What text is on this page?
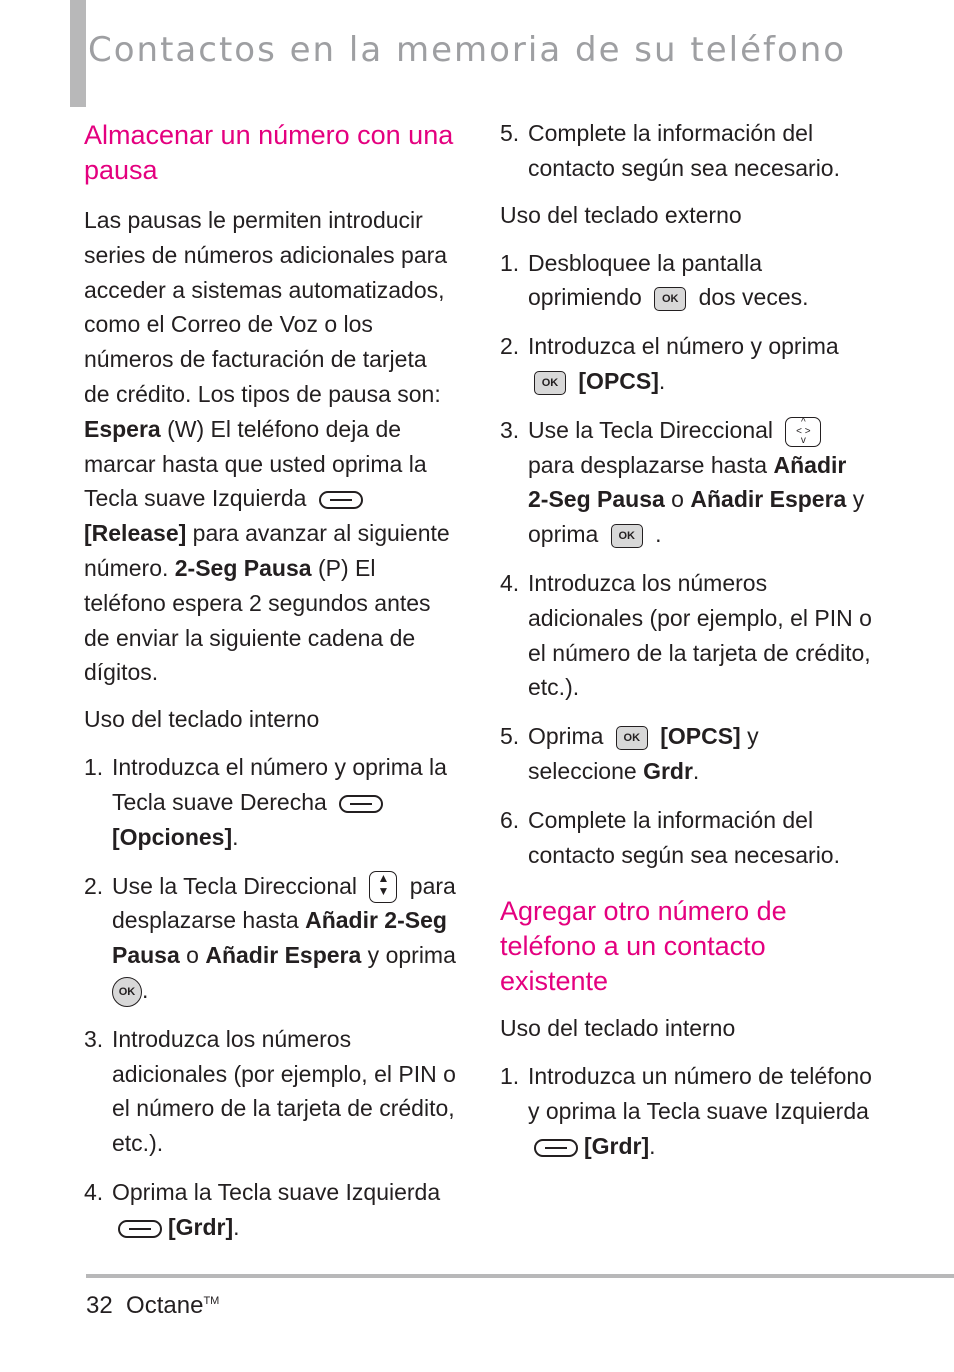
Contactos en la memoria de su teléfono
Almacenar un número con una pausa

Las pausas le permiten introducir series de números adicionales para acceder a sistemas automatizados, como el Correo de Voz o los números de facturación de tarjeta de crédito. Los tipos de pausa son: Espera (W) El teléfono deja de marcar hasta que usted oprima la Tecla suave Izquierda [Release] para avanzar al siguiente número. 2-Seg Pausa (P) El teléfono espera 2 segundos antes de enviar la siguiente cadena de dígitos.

Uso del teclado interno

1. Introduzca el número y oprima la Tecla suave Derecha
[Opciones].
2. Use la Tecla Direccional ▲
▼ para desplazarse hasta Añadir 2-Seg Pausa o Añadir Espera y oprima OK .
3. Introduzca los números adicionales (por ejemplo, el PIN o el número de la tarjeta de crédito, etc.).
4. Oprima la Tecla suave Izquierda
[Grdr].
5. Complete la información del contacto según sea necesario.

Uso del teclado externo

1. Desbloquee la pantalla oprimiendo OK dos veces.
2. Introduzca el número y oprima
OK [OPCS].
3. Use la Tecla Direccional ^
< >
v para desplazarse hasta Añadir 2-Seg Pausa o Añadir Espera y oprima OK .
4. Introduzca los números adicionales (por ejemplo, el PIN o el número de la tarjeta de crédito, etc.).
5. Oprima OK [OPCS] y seleccione Grdr.
6. Complete la información del contacto según sea necesario.
Agregar otro número de teléfono a un contacto existente

Uso del teclado interno

1. Introduzca un número de teléfono y oprima la Tecla suave Izquierda [Grdr].
32 Octane™
